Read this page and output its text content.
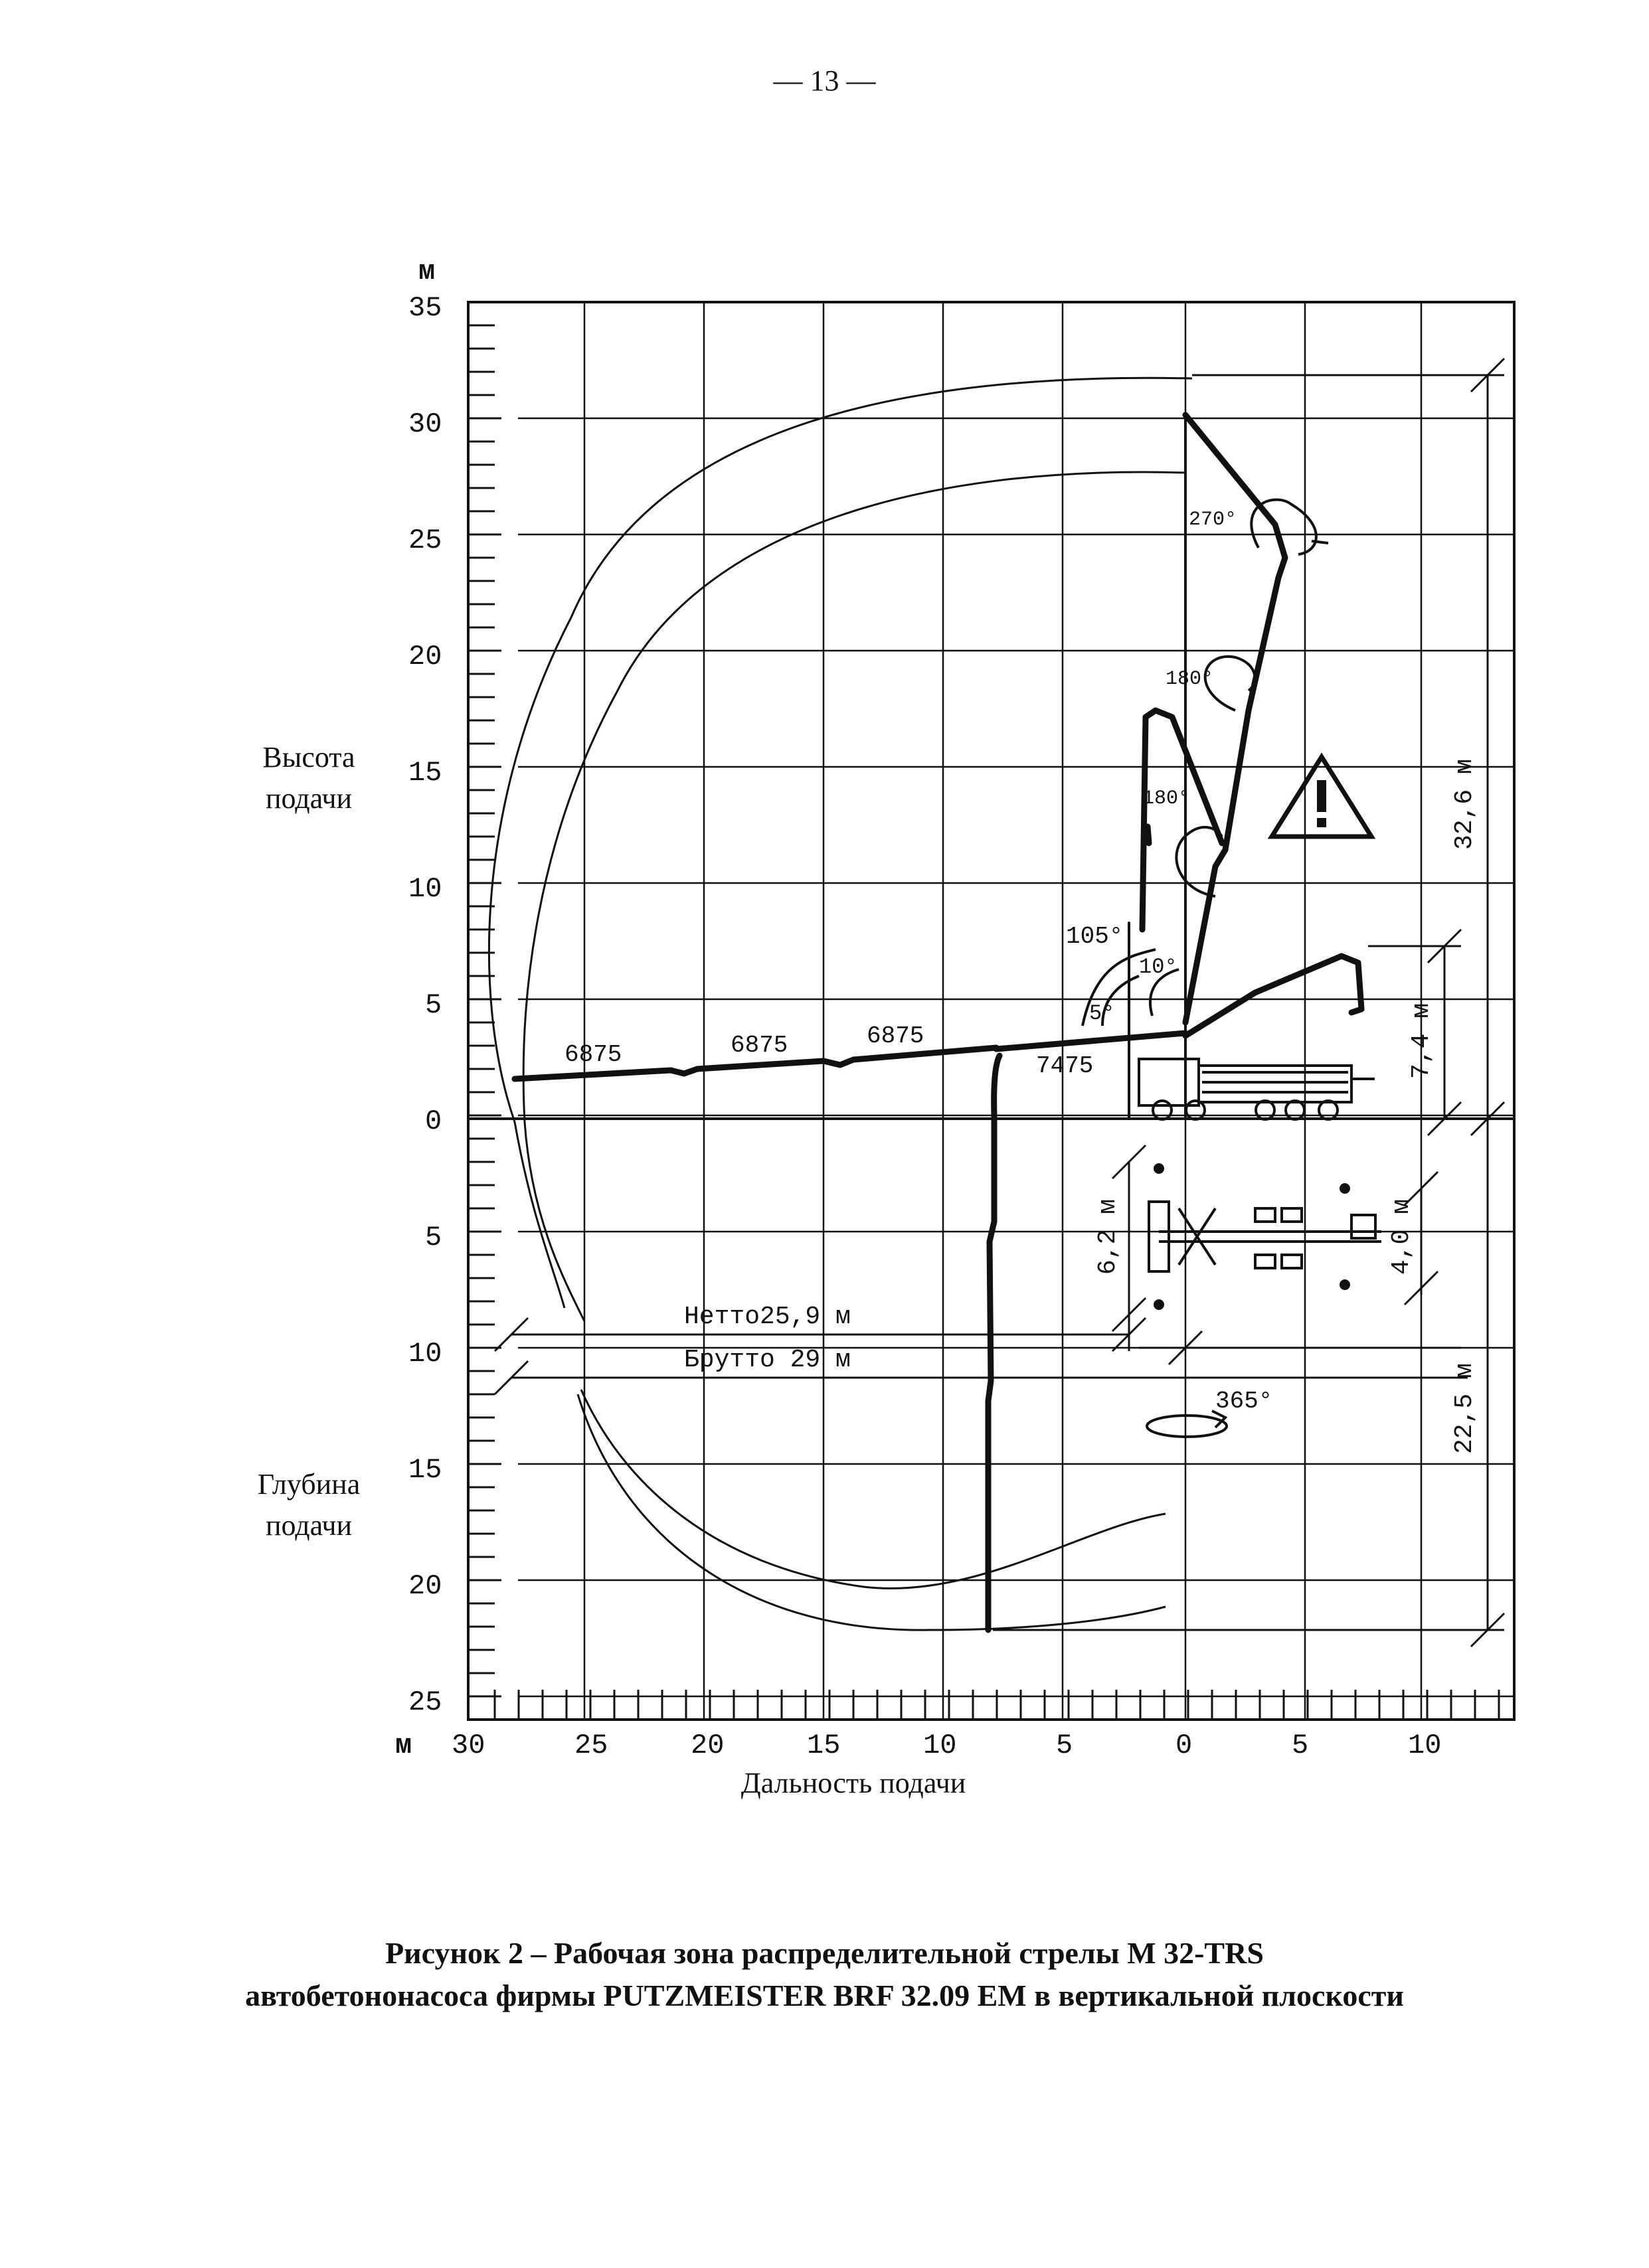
— 13 —
м
35
30
25
20
15
10
5
0
5
10
15
20
25
м 30	25	20	15	10	5	0	5	10
6875	6875	6875
7475
270°
180°
180°
105°
10°
5°
365°
Нетто25,9 м
Брутто 29 м
32,6 м
22,5 м
7,4 м
6,2 м	4,0 м
Высота
подачи
Глубина
подачи
Дальность подачи
Рисунок 2 – Рабочая зона распределительной стрелы М 32-TRS
автобетононасоса фирмы PUTZMEISTER BRF 32.09 ЕМ в вертикальной плоскости
